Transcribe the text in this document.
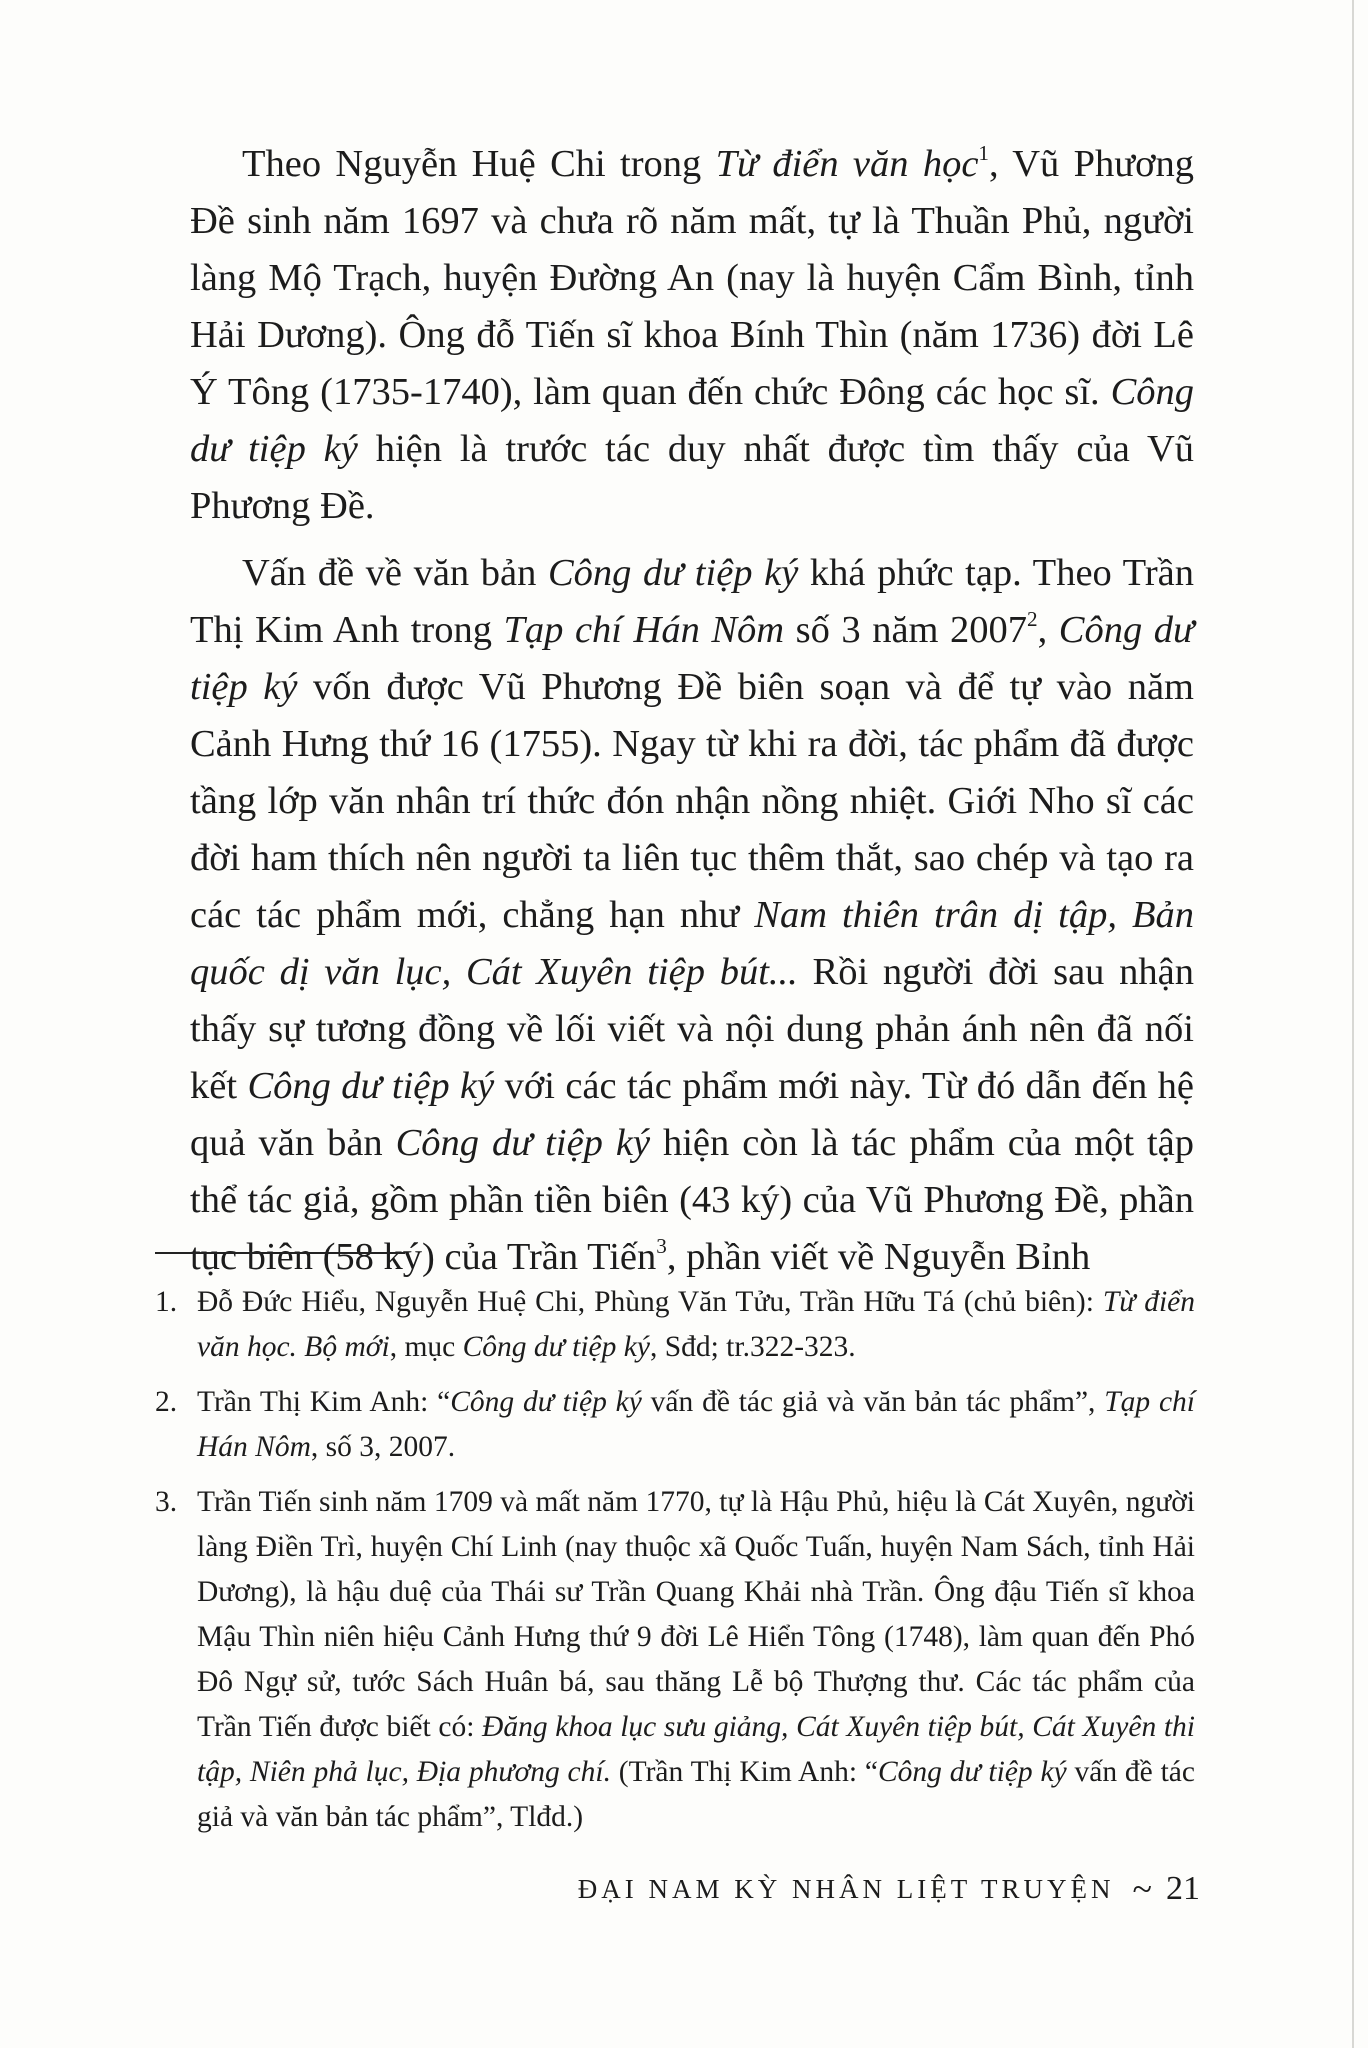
Theo Nguyễn Huệ Chi trong Từ điển văn học$^1$, Vũ Phương Đề sinh năm 1697 và chưa rõ năm mất, tự là Thuần Phủ, người làng Mộ Trạch, huyện Đường An (nay là huyện Cẩm Bình, tỉnh Hải Dương). Ông đỗ Tiến sĩ khoa Bính Thìn (năm 1736) đời Lê Ý Tông (1735-1740), làm quan đến chức Đông các học sĩ. Công dư tiệp ký hiện là trước tác duy nhất được tìm thấy của Vũ Phương Đề.

Vấn đề về văn bản Công dư tiệp ký khá phức tạp. Theo Trần Thị Kim Anh trong Tạp chí Hán Nôm số 3 năm 2007$^2$, Công dư tiệp ký vốn được Vũ Phương Đề biên soạn và để tự vào năm Cảnh Hưng thứ 16 (1755). Ngay từ khi ra đời, tác phẩm đã được tầng lớp văn nhân trí thức đón nhận nồng nhiệt. Giới Nho sĩ các đời ham thích nên người ta liên tục thêm thắt, sao chép và tạo ra các tác phẩm mới, chẳng hạn như Nam thiên trân dị tập, Bản quốc dị văn lục, Cát Xuyên tiệp bút... Rồi người đời sau nhận thấy sự tương đồng về lối viết và nội dung phản ánh nên đã nối kết Công dư tiệp ký với các tác phẩm mới này. Từ đó dẫn đến hệ quả văn bản Công dư tiệp ký hiện còn là tác phẩm của một tập thể tác giả, gồm phần tiền biên (43 ký) của Vũ Phương Đề, phần tục biên (58 ký) của Trần Tiến$^3$, phần viết về Nguyễn Bỉnh

1. Đỗ Đức Hiểu, Nguyễn Huệ Chi, Phùng Văn Tửu, Trần Hữu Tá (chủ biên): Từ điển văn học. Bộ mới, mục Công dư tiệp ký, Sđd; tr.322-323.
2. Trần Thị Kim Anh: “Công dư tiệp ký vấn đề tác giả và văn bản tác phẩm”, Tạp chí Hán Nôm, số 3, 2007.
3. Trần Tiến sinh năm 1709 và mất năm 1770, tự là Hậu Phủ, hiệu là Cát Xuyên, người làng Điền Trì, huyện Chí Linh (nay thuộc xã Quốc Tuấn, huyện Nam Sách, tỉnh Hải Dương), là hậu duệ của Thái sư Trần Quang Khải nhà Trần. Ông đậu Tiến sĩ khoa Mậu Thìn niên hiệu Cảnh Hưng thứ 9 đời Lê Hiển Tông (1748), làm quan đến Phó Đô Ngự sử, tước Sách Huân bá, sau thăng Lễ bộ Thượng thư. Các tác phẩm của Trần Tiến được biết có: Đăng khoa lục sưu giảng, Cát Xuyên tiệp bút, Cát Xuyên thi tập, Niên phả lục, Địa phương chí. (Trần Thị Kim Anh: “Công dư tiệp ký vấn đề tác giả và văn bản tác phẩm”, Tlđd.)
ĐẠI NAM KỲ NHÂN LIỆT TRUYỆN ~ 21
